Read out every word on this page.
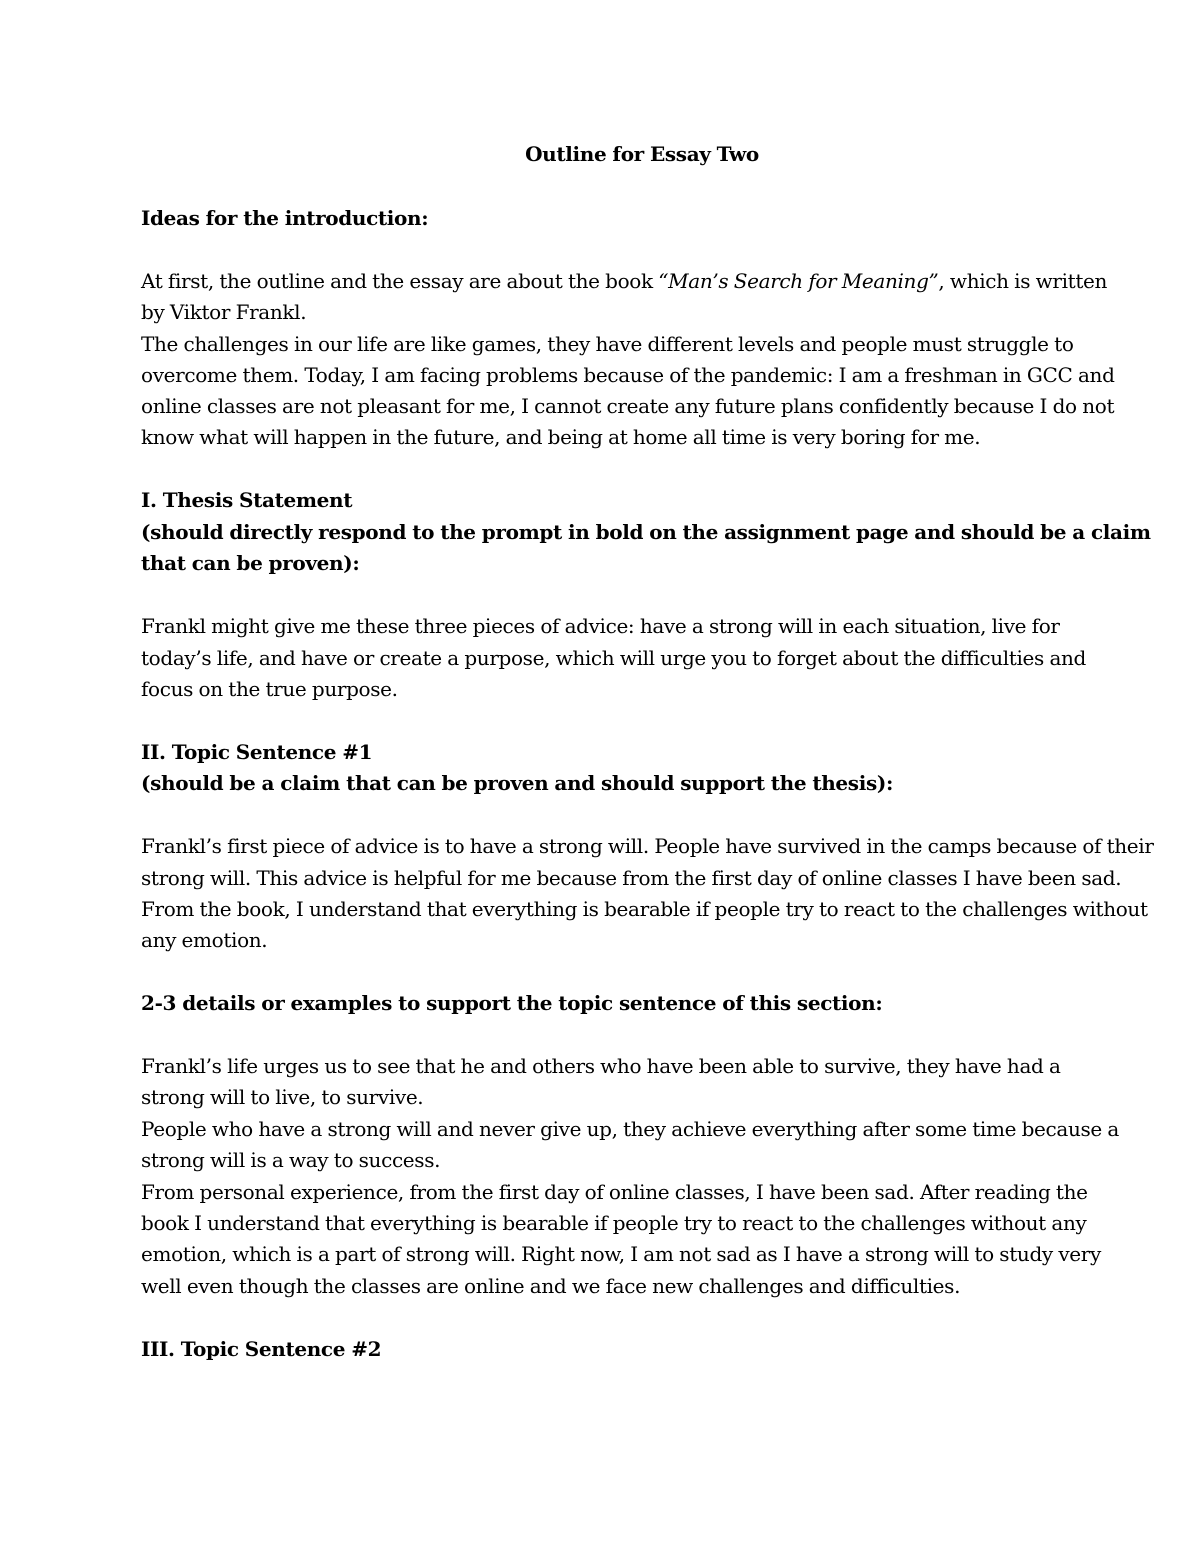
Outline for Essay Two

Ideas for the introduction:

At first, the outline and the essay are about the book “Man’s Search for Meaning”, which is written

by Viktor Frankl.

The challenges in our life are like games, they have different levels and people must struggle to

overcome them. Today, I am facing problems because of the pandemic: I am a freshman in GCC and

online classes are not pleasant for me, I cannot create any future plans confidently because I do not

know what will happen in the future, and being at home all time is very boring for me.

I. Thesis Statement

(should directly respond to the prompt in bold on the assignment page and should be a claim

that can be proven):

Frankl might give me these three pieces of advice: have a strong will in each situation, live for

today’s life, and have or create a purpose, which will urge you to forget about the difficulties and

focus on the true purpose.

II. Topic Sentence #1

(should be a claim that can be proven and should support the thesis):

Frankl’s first piece of advice is to have a strong will. People have survived in the camps because of their

strong will. This advice is helpful for me because from the first day of online classes I have been sad.

From the book, I understand that everything is bearable if people try to react to the challenges without

any emotion.

2-3 details or examples to support the topic sentence of this section:

Frankl’s life urges us to see that he and others who have been able to survive, they have had a

strong will to live, to survive.

People who have a strong will and never give up, they achieve everything after some time because a

strong will is a way to success.

From personal experience, from the first day of online classes, I have been sad. After reading the

book I understand that everything is bearable if people try to react to the challenges without any

emotion, which is a part of strong will. Right now, I am not sad as I have a strong will to study very

well even though the classes are online and we face new challenges and difficulties.

III. Topic Sentence #2
